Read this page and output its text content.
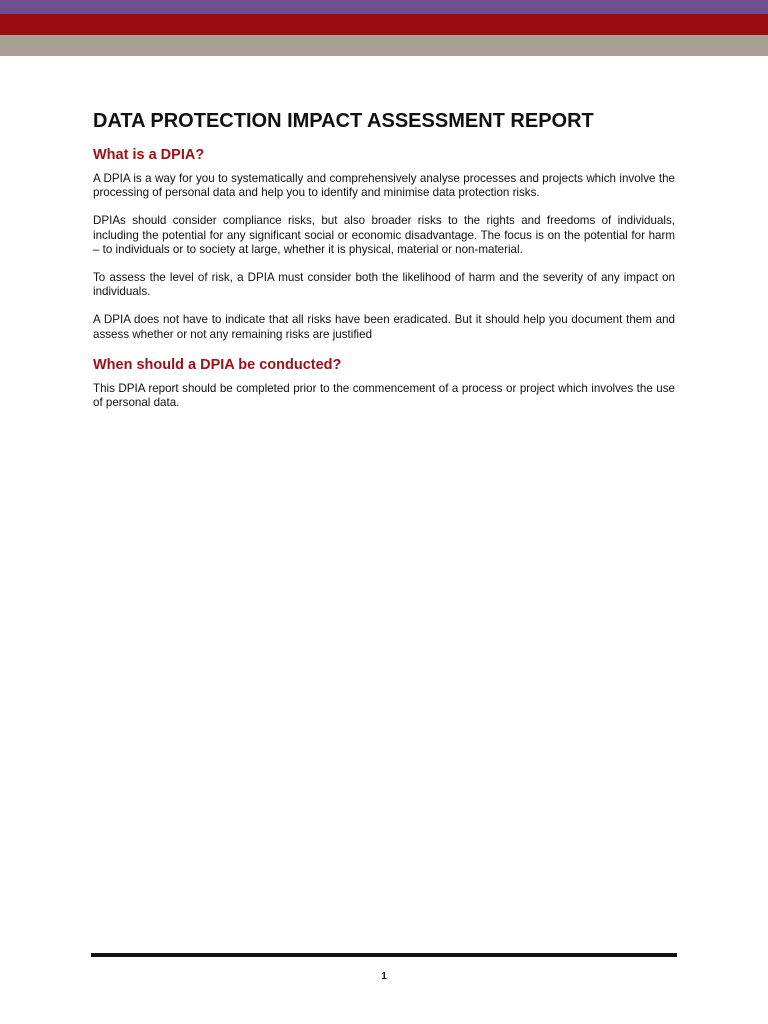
DATA PROTECTION IMPACT ASSESSMENT REPORT
What is a DPIA?

A DPIA is a way for you to systematically and comprehensively analyse processes and projects which involve the processing of personal data and help you to identify and minimise data protection risks.

DPIAs should consider compliance risks, but also broader risks to the rights and freedoms of individuals, including the potential for any significant social or economic disadvantage. The focus is on the potential for harm – to individuals or to society at large, whether it is physical, material or non-material.

To assess the level of risk, a DPIA must consider both the likelihood of harm and the severity of any impact on individuals.

A DPIA does not have to indicate that all risks have been eradicated. But it should help you document them and assess whether or not any remaining risks are justified

When should a DPIA be conducted?

This DPIA report should be completed prior to the commencement of a process or project which involves the use of personal data.

1
